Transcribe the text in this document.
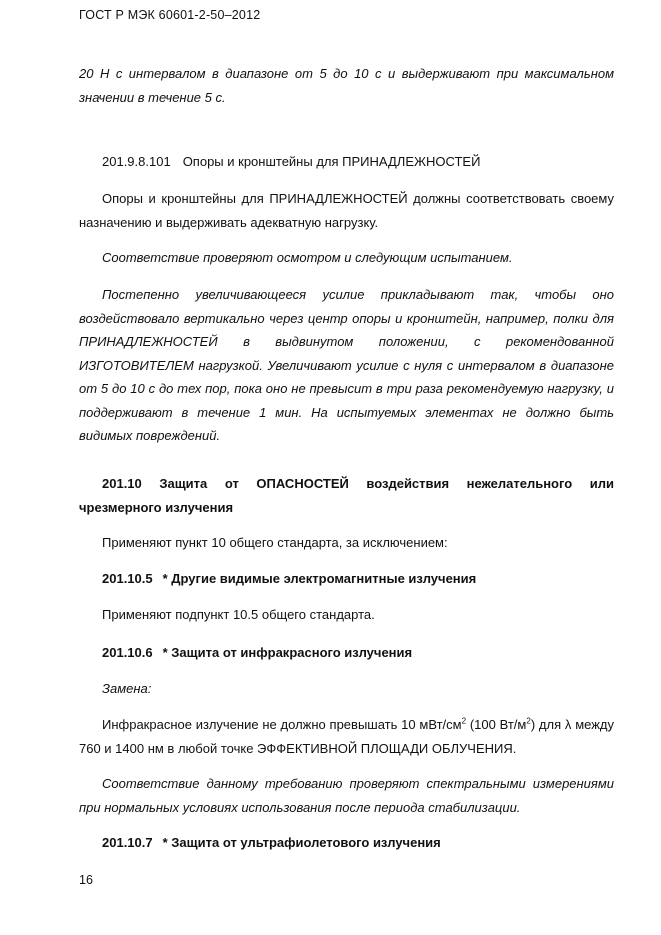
ГОСТ Р МЭК 60601-2-50–2012

20 Н с интервалом в диапазоне от 5 до 10 с и выдерживают при максимальном значении в течение 5 с.

201.9.8.101 Опоры и кронштейны для ПРИНАДЛЕЖНОСТЕЙ

Опоры и кронштейны для ПРИНАДЛЕЖНОСТЕЙ должны соответствовать своему назначению и выдерживать адекватную нагрузку.

Соответствие проверяют осмотром и следующим испытанием.

Постепенно увеличивающееся усилие прикладывают так, чтобы оно воздействовало вертикально через центр опоры и кронштейн, например, полки для ПРИНАДЛЕЖНОСТЕЙ в выдвинутом положении, с рекомендованной ИЗГОТОВИТЕЛЕМ нагрузкой. Увеличивают усилие с нуля с интервалом в диапазоне от 5 до 10 с до тех пор, пока оно не превысит в три раза рекомендуемую нагрузку, и поддерживают в течение 1 мин. На испытуемых элементах не должно быть видимых повреждений.

201.10 Защита от ОПАСНОСТЕЙ воздействия нежелательного или чрезмерного излучения

Применяют пункт 10 общего стандарта, за исключением:

201.10.5 * Другие видимые электромагнитные излучения

Применяют подпункт 10.5 общего стандарта.

201.10.6 * Защита от инфракрасного излучения

Замена:

Инфракрасное излучение не должно превышать 10 мВт/$см^2$ (100 $Вт/м^2$) для λ между 760 и 1400 нм в любой точке ЭФФЕКТИВНОЙ ПЛОЩАДИ ОБЛУЧЕНИЯ.

Соответствие данному требованию проверяют спектральными измерениями при нормальных условиях использования после периода стабилизации.

201.10.7 * Защита от ультрафиолетового излучения

16
